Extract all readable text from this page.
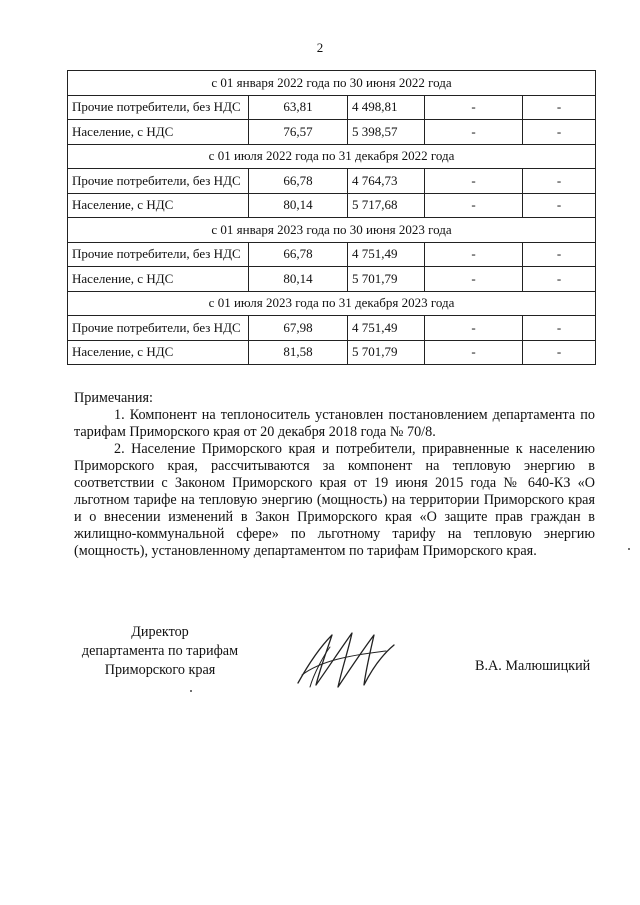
2
с 01 января 2022 года по 30 июня 2022 года				
Прочие потребители, без НДС	63,81	4 498,81	-	-
Население, с НДС	76,57	5 398,57	-	-
с 01 июля 2022 года по 31 декабря 2022 года				
Прочие потребители, без НДС	66,78	4 764,73	-	-
Население, с НДС	80,14	5 717,68	-	-
с 01 января 2023 года по 30 июня 2023 года				
Прочие потребители, без НДС	66,78	4 751,49	-	-
Население, с НДС	80,14	5 701,79	-	-
с 01 июля 2023 года по 31 декабря 2023 года				
Прочие потребители, без НДС	67,98	4 751,49	-	-
Население, с НДС	81,58	5 701,79	-	-

Примечания:

1. Компонент на теплоноситель установлен постановлением департамента по тарифам Приморского края от 20 декабря 2018 года № 70/8.

2. Население Приморского края и потребители, приравненные к населению Приморского края, рассчитываются за компонент на тепловую энергию в соответствии с Законом Приморского края от 19 июня 2015 года № 640-КЗ «О льготном тарифе на тепловую энергию (мощность) на территории Приморского края и о внесении изменений в Закон Приморского края «О защите прав граждан в жилищно-коммунальной сфере» по льготному тарифу на тепловую энергию (мощность), установленному департаментом по тарифам Приморского края.

Директор
департамента по тарифам
Приморского края	В.А. Малюшицкий
